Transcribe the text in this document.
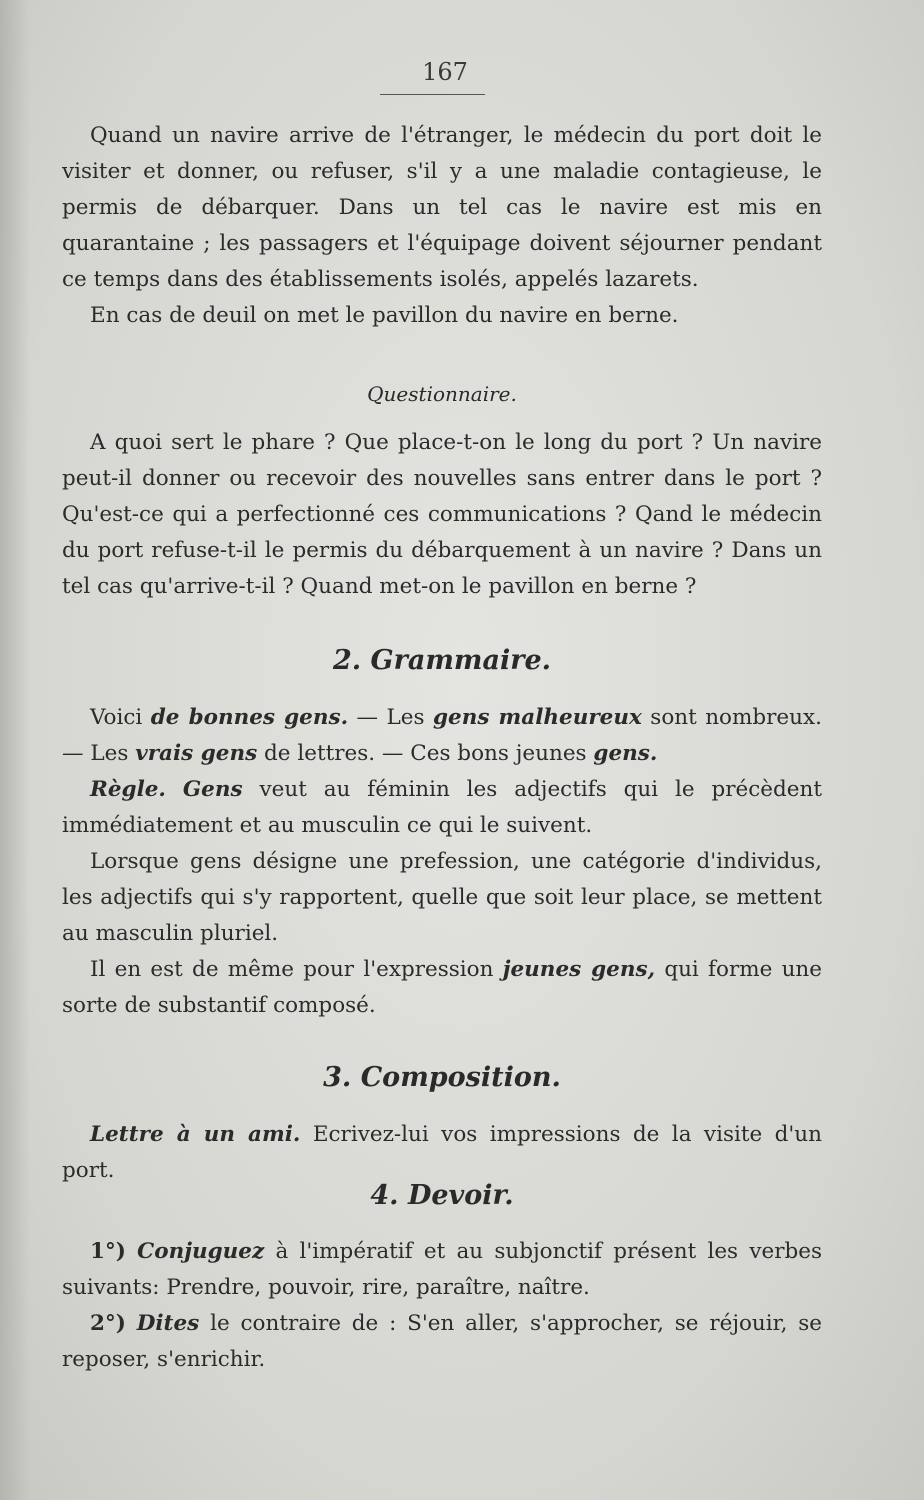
167

Quand un navire arrive de l'étranger, le médecin du port doit le visiter et donner, ou refuser, s'il y a une maladie contagieuse, le permis de débarquer. Dans un tel cas le navire est mis en quarantaine ; les passagers et l'équipage doivent séjourner pendant ce temps dans des établissements isolés, appelés lazarets.

En cas de deuil on met le pavillon du navire en berne.

Questionnaire.

A quoi sert le phare ? Que place-t-on le long du port ? Un navire peut-il donner ou recevoir des nouvelles sans entrer dans le port ? Qu'est-ce qui a perfectionné ces communications ? Qand le médecin du port refuse-t-il le permis du débarquement à un navire ? Dans un tel cas qu'arrive-t-il ? Quand met-on le pavillon en berne ?

2. Grammaire.

Voici de bonnes gens. — Les gens malheureux sont nombreux. — Les vrais gens de lettres. — Ces bons jeunes gens.

Règle. Gens veut au féminin les adjectifs qui le précèdent immédiatement et au musculin ce qui le suivent.

Lorsque gens désigne une prefession, une catégorie d'individus, les adjectifs qui s'y rapportent, quelle que soit leur place, se mettent au masculin pluriel.

Il en est de même pour l'expression jeunes gens, qui forme une sorte de substantif composé.

3. Composition.

Lettre à un ami. Ecrivez-lui vos impressions de la visite d'un port.

4. Devoir.

1°) Conjuguez à l'impératif et au subjonctif présent les verbes suivants: Prendre, pouvoir, rire, paraître, naître.

2°) Dites le contraire de : S'en aller, s'approcher, se réjouir, se reposer, s'enrichir.
